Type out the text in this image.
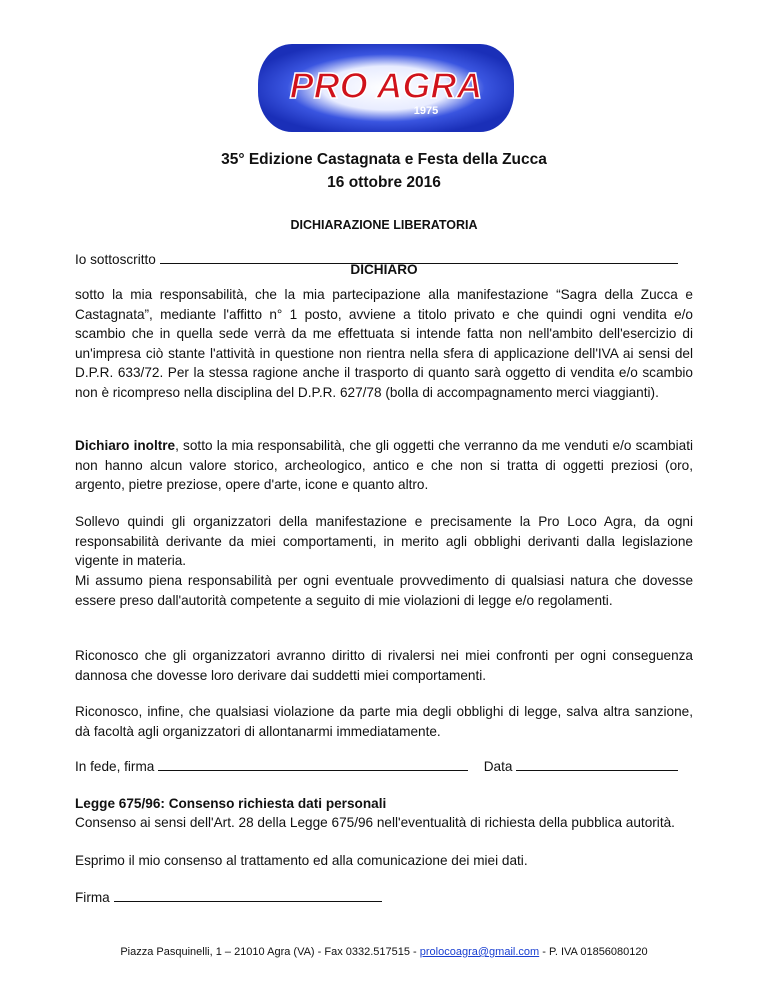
PRO AGRA
1975
35° Edizione Castagnata e Festa della Zucca
16 ottobre 2016
DICHIARAZIONE LIBERATORIA
Io sottoscritto
DICHIARO
sotto la mia responsabilità, che la mia partecipazione alla manifestazione “Sagra della Zucca e Castagnata”, mediante l'affitto n° 1 posto, avviene a titolo privato e che quindi ogni vendita e/o scambio che in quella sede verrà da me effettuata si intende fatta non nell'ambito dell'esercizio di un'impresa ciò stante l'attività in questione non rientra nella sfera di applicazione dell'IVA ai sensi del D.P.R. 633/72. Per la stessa ragione anche il trasporto di quanto sarà oggetto di vendita e/o scambio non è ricompreso nella disciplina del D.P.R. 627/78 (bolla di accompagnamento merci viaggianti).
Dichiaro inoltre, sotto la mia responsabilità, che gli oggetti che verranno da me venduti e/o scambiati non hanno alcun valore storico, archeologico, antico e che non si tratta di oggetti preziosi (oro, argento, pietre preziose, opere d'arte, icone e quanto altro.
Sollevo quindi gli organizzatori della manifestazione e precisamente la Pro Loco Agra, da ogni responsabilità derivante da miei comportamenti, in merito agli obblighi derivanti dalla legislazione vigente in materia.
Mi assumo piena responsabilità per ogni eventuale provvedimento di qualsiasi natura che dovesse essere preso dall'autorità competente a seguito di mie violazioni di legge e/o regolamenti.
Riconosco che gli organizzatori avranno diritto di rivalersi nei miei confronti per ogni conseguenza dannosa che dovesse loro derivare dai suddetti miei comportamenti.
Riconosco, infine, che qualsiasi violazione da parte mia degli obblighi di legge, salva altra sanzione, dà facoltà agli organizzatori di allontanarmi immediatamente.
In fede, firma	Data
Legge 675/96: Consenso richiesta dati personali
Consenso ai sensi dell'Art. 28 della Legge 675/96 nell'eventualità di richiesta della pubblica autorità.
Esprimo il mio consenso al trattamento ed alla comunicazione dei miei dati.
Firma
Piazza Pasquinelli, 1 – 21010 Agra (VA) - Fax 0332.517515 - prolocoagra@gmail.com - P. IVA 01856080120
